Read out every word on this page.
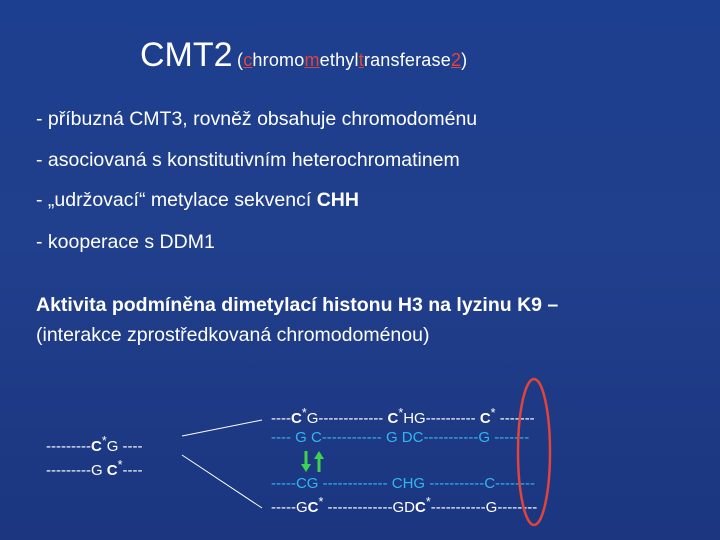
CMT2 (chromomethyltransferase2)
- příbuzná CMT3, rovněž obsahuje chromodoménu
- asociovaná s konstitutivním heterochromatinem
- „udržovací“ metylace sekvencí CHH
- kooperace s DDM1
Aktivita podmíněna dimetylací histonu H3 na lyzinu K9 –
(interakce zprostředkovaná chromodoménou)
---------C*G ----
---------G C*----
----C*G------------- C*HG---------- C* -------
---- G C------------ G DC-----------G -------
-----CG ------------- CHG -----------C--------
-----GC* -------------GDC*-----------G--------
